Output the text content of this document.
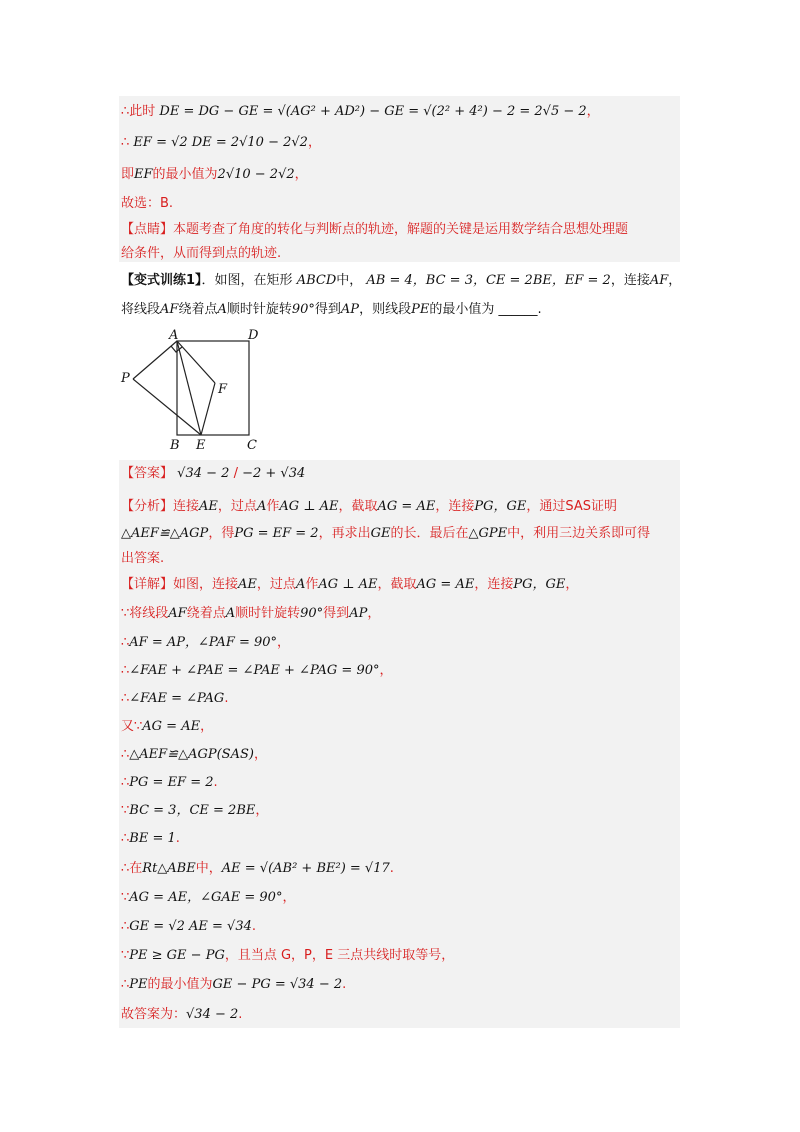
∴此时 DE = DG − GE = √(AG² + AD²) − GE = √(2² + 4²) − 2 = 2√5 − 2，
∴ EF = √2 DE = 2√10 − 2√2，
即EF的最小值为2√10 − 2√2，
故选：B.
【点睛】本题考查了角度的转化与判断点的轨迹，解题的关键是运用数学结合思想处理题
给条件，从而得到点的轨迹.
【变式训练1】．如图，在矩形 ABCD中， AB = 4，BC = 3，CE = 2BE，EF = 2，连接AF，
将线段AF绕着点A顺时针旋转90°得到AP，则线段PE的最小值为 ______.
A	D
P
F
B E	C
【答案】 √34 − 2 / −2 + √34
【分析】连接AE，过点A作AG ⊥ AE，截取AG = AE，连接PG，GE，通过SAS证明
△AEF≌△AGP，得PG = EF = 2，再求出GE的长．最后在△GPE中，利用三边关系即可得
出答案.
【详解】如图，连接AE，过点A作AG ⊥ AE，截取AG = AE，连接PG，GE，
∵将线段AF绕着点A顺时针旋转90°得到AP，
∴AF = AP，∠PAF = 90°，
∴∠FAE + ∠PAE = ∠PAE + ∠PAG = 90°，
∴∠FAE = ∠PAG.
又∵AG = AE，
∴△AEF≌△AGP(SAS)，
∴PG = EF = 2.
∵BC = 3，CE = 2BE，
∴BE = 1.
∴在Rt△ABE中，AE = √(AB² + BE²) = √17.
∵AG = AE，∠GAE = 90°，
∴GE = √2 AE = √34.
∵PE ≥ GE − PG，且当点 G，P，E 三点共线时取等号，
∴PE的最小值为GE − PG = √34 − 2.
故答案为：√34 − 2.
